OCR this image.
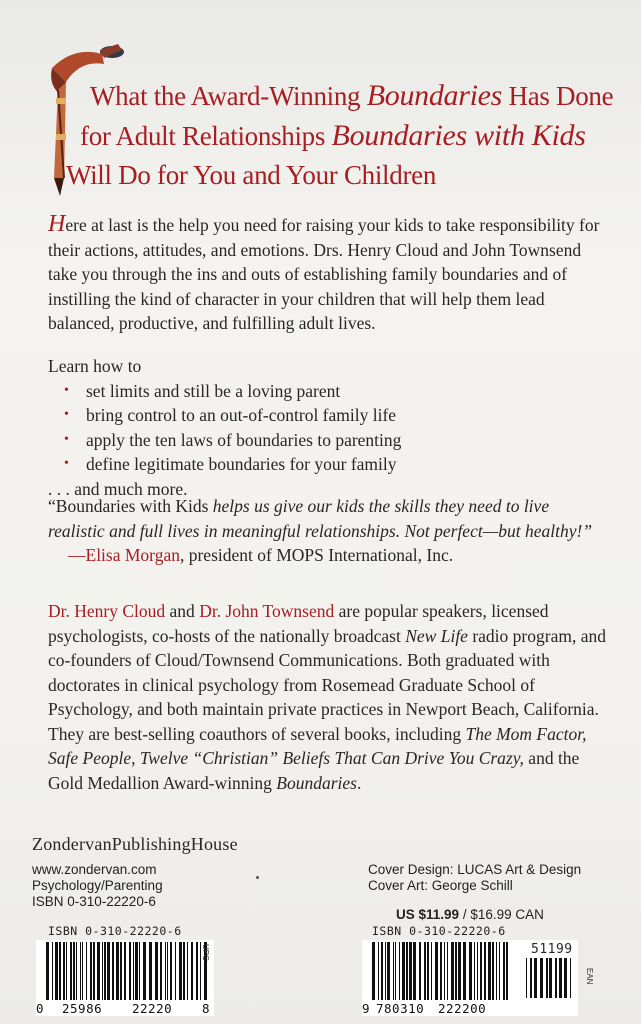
What the Award-Winning Boundaries Has Done
for Adult Relationships Boundaries with Kids
Will Do for You and Your Children
Here at last is the help you need for raising your kids to take responsibility for their actions, attitudes, and emotions. Drs. Henry Cloud and John Townsend take you through the ins and outs of establishing family boundaries and of instilling the kind of character in your children that will help them lead balanced, productive, and fulfilling adult lives.
Learn how to
• set limits and still be a loving parent
• bring control to an out-of-control family life
• apply the ten laws of boundaries to parenting
• define legitimate boundaries for your family
. . . and much more.
“Boundaries with Kids helps us give our kids the skills they need to live realistic and full lives in meaningful relationships. Not perfect—but healthy!”
—Elisa Morgan, president of MOPS International, Inc.
Dr. Henry Cloud and Dr. John Townsend are popular speakers, licensed psychologists, co-hosts of the nationally broadcast New Life radio program, and co-founders of Cloud/Townsend Communications. Both graduated with doctorates in clinical psychology from Rosemead Graduate School of Psychology, and both maintain private practices in Newport Beach, California. They are best-selling coauthors of several books, including The Mom Factor, Safe People, Twelve “Christian” Beliefs That Can Drive You Crazy, and the Gold Medallion Award-winning Boundaries.
ZondervanPublishingHouse
www.zondervan.com
Psychology/Parenting
ISBN 0-310-22220-6
Cover Design: LUCAS Art & Design
Cover Art: George Schill
US $11.99 / $16.99 CAN
ISBN 0-310-22220-6	ISBN 0-310-22220-6
0 25986 22220 8
UPC
9 780310 222200
51199
EAN
